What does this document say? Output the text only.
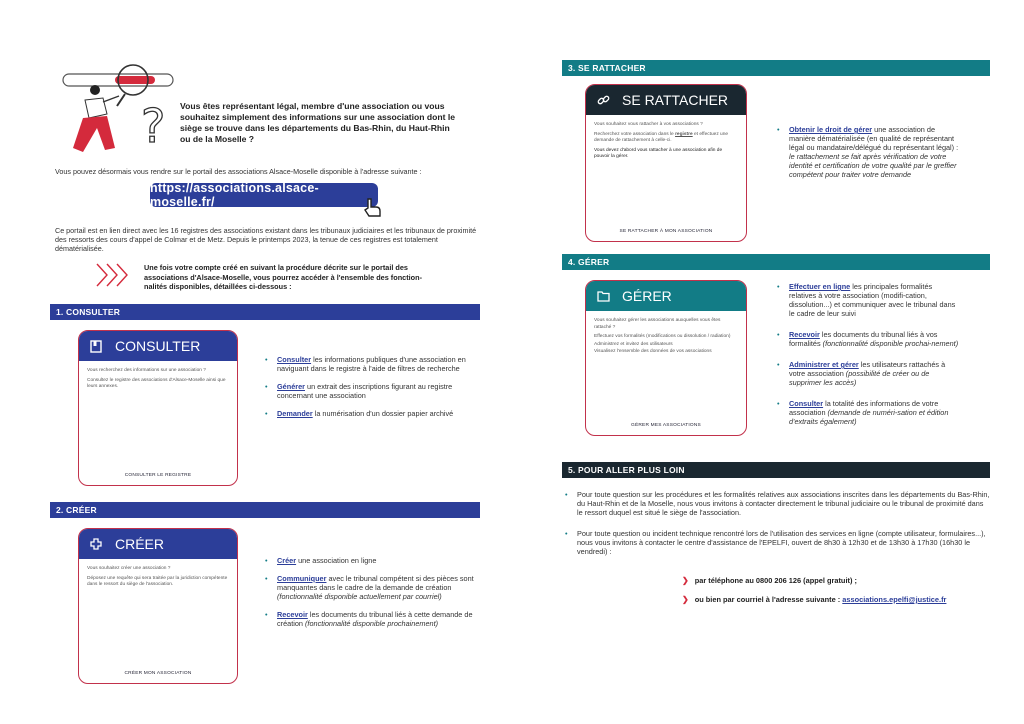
? Vous êtes représentant légal, membre d'une association ou vous souhaitez simplement des informations sur une association dont le siège se trouve dans les départements du Bas-Rhin, du Haut-Rhin ou de la Moselle ?
Vous pouvez désormais vous rendre sur le portail des associations Alsace-Moselle disponible à l'adresse suivante :
https://associations.alsace-moselle.fr/
Ce portail est en lien direct avec les 16 registres des associations existant dans les tribunaux judiciaires et les tribunaux de proximité des ressorts des cours d'appel de Colmar et de Metz. Depuis le printemps 2023, la tenue de ces registres est totalement dématérialisée.
Une fois votre compte créé en suivant la procédure décrite sur le portail des associations d'Alsace-Moselle, vous pourrez accéder à l'ensemble des fonction-nalités disponibles, détaillées ci-dessous :
1. CONSULTER
CONSULTER

Vous recherchez des informations sur une association ?

Consultez le registre des associations d'Alsace-Moselle ainsi que leurs annexes.

CONSULTER LE REGISTRE
• Consulter les informations publiques d'une association en naviguant dans le registre à l'aide de filtres de recherche
• Générer un extrait des inscriptions figurant au registre concernant une association
• Demander la numérisation d'un dossier papier archivé
2. CRÉER
CRÉER

Vous souhaitez créer une association ?

Déposez une requête qui sera traitée par la juridiction compétente dans le ressort du siège de l'association.

CRÉER MON ASSOCIATION
• Créer une association en ligne
• Communiquer avec le tribunal compétent si des pièces sont manquantes dans le cadre de la demande de création (fonctionnalité disponible actuellement par courriel)
• Recevoir les documents du tribunal liés à cette demande de création (fonctionnalité disponible prochainement)
3. SE RATTACHER
SE RATTACHER

Vous souhaitez vous rattacher à vos associations ?

Recherchez votre association dans le registre et effectuez une demande de rattachement à celle-ci.

Vous devez d'abord vous rattacher à une association afin de pouvoir la gérer.

SE RATTACHER À MON ASSOCIATION
• Obtenir le droit de gérer une association de manière dématérialisée (en qualité de représentant légal ou mandataire/délégué du représentant légal) : le rattachement se fait après vérification de votre identité et certification de votre qualité par le greffier compétent pour traiter votre demande
4. GÉRER
GÉRER

Vous souhaitez gérer les associations auxquelles vous êtes rattaché ?

Effectuez vos formalités (modifications ou dissolution / radiation)

Administrez et invitez des utilisateurs

Visualisez l'ensemble des données de vos associations

GÉRER MES ASSOCIATIONS
• Effectuer en ligne les principales formalités relatives à votre association (modifi-cation, dissolution...) et communiquer avec le tribunal dans le cadre de leur suivi
• Recevoir les documents du tribunal liés à vos formalités (fonctionnalité disponible prochai-nement)
• Administrer et gérer les utilisateurs rattachés à votre association (possibilité de créer ou de supprimer les accès)
• Consulter la totalité des informations de votre association (demande de numéri-sation et édition d'extraits également)
5. POUR ALLER PLUS LOIN
• Pour toute question sur les procédures et les formalités relatives aux associations inscrites dans les départements du Bas-Rhin, du Haut-Rhin et de la Moselle, nous vous invitons à contacter directement le tribunal judiciaire ou le tribunal de proximité dans le ressort duquel est situé le siège de l'association.
• Pour toute question ou incident technique rencontré lors de l'utilisation des services en ligne (compte utilisateur, formulaires...), nous vous invitons à contacter le centre d'assistance de l'EPELFI, ouvert de 8h30 à 12h30 et de 13h30 à 17h30 (16h30 le vendredi) :
❯ par téléphone au 0800 206 126 (appel gratuit) ;
❯ ou bien par courriel à l'adresse suivante : associations.epelfi@justice.fr
